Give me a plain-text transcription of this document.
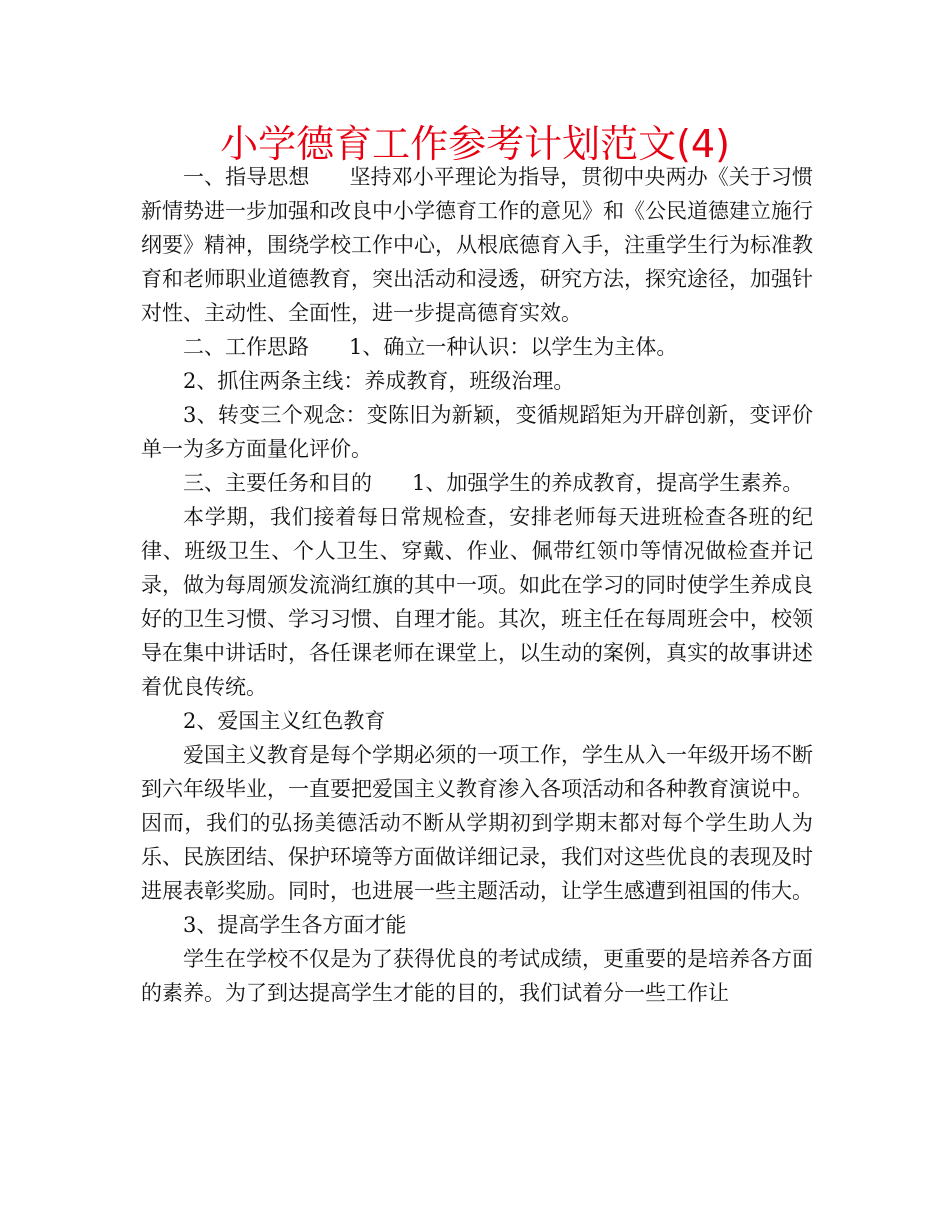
小学德育工作参考计划范文(4)

一、指导思想 坚持邓小平理论为指导，贯彻中央两办《关于习惯新情势进一步加强和改良中小学德育工作的意见》和《公民道德建立施行纲要》精神，围绕学校工作中心，从根底德育入手，注重学生行为标准教育和老师职业道德教育，突出活动和浸透，研究方法，探究途径，加强针对性、主动性、全面性，进一步提高德育实效。

二、工作思路 1、确立一种认识：以学生为主体。

2、抓住两条主线：养成教育，班级治理。

3、转变三个观念：变陈旧为新颖，变循规蹈矩为开辟创新，变评价单一为多方面量化评价。

三、主要任务和目的 1、加强学生的养成教育，提高学生素养。

本学期，我们接着每日常规检查，安排老师每天进班检查各班的纪律、班级卫生、个人卫生、穿戴、作业、佩带红领巾等情况做检查并记录，做为每周颁发流淌红旗的其中一项。如此在学习的同时使学生养成良好的卫生习惯、学习习惯、自理才能。其次，班主任在每周班会中，校领导在集中讲话时，各任课老师在课堂上，以生动的案例，真实的故事讲述着优良传统。

2、爱国主义红色教育

爱国主义教育是每个学期必须的一项工作，学生从入一年级开场不断到六年级毕业，一直要把爱国主义教育渗入各项活动和各种教育演说中。因而，我们的弘扬美德活动不断从学期初到学期末都对每个学生助人为乐、民族团结、保护环境等方面做详细记录，我们对这些优良的表现及时进展表彰奖励。同时，也进展一些主题活动，让学生感遭到祖国的伟大。

3、提高学生各方面才能

学生在学校不仅是为了获得优良的考试成绩，更重要的是培养各方面的素养。为了到达提高学生才能的目的，我们试着分一些工作让
